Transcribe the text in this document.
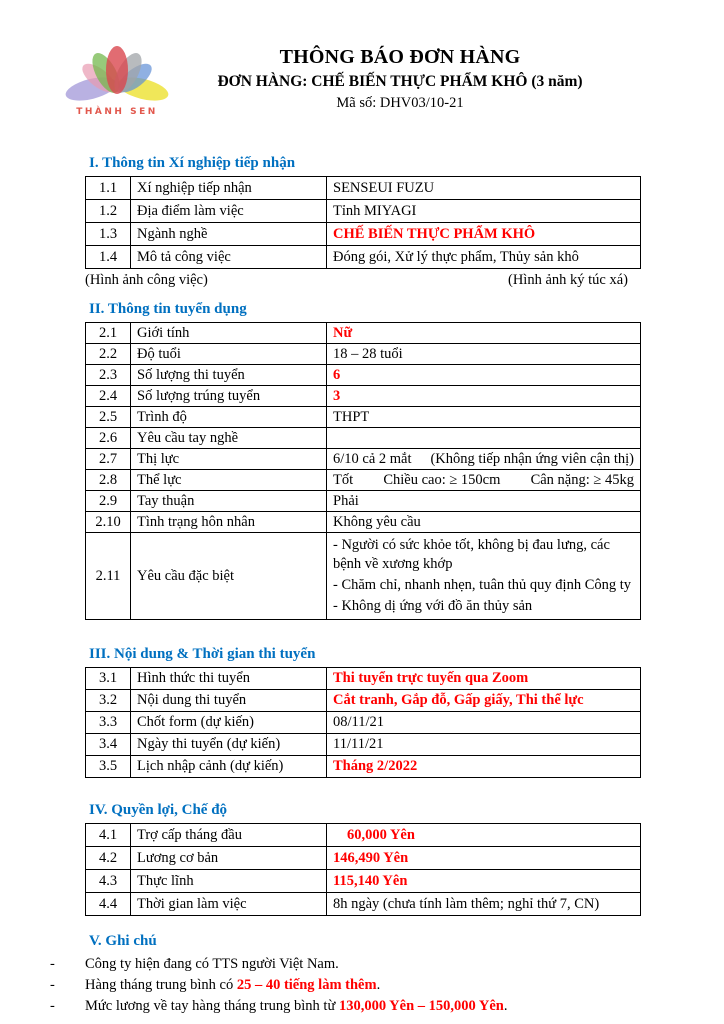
THÀNH SEN
THÔNG BÁO ĐƠN HÀNG
ĐƠN HÀNG: CHẾ BIẾN THỰC PHẨM KHÔ (3 năm)
Mã số: DHV03/10-21
I. Thông tin Xí nghiệp tiếp nhận
1.1	Xí nghiệp tiếp nhận	SENSEUI FUZU

1.2	Địa điểm làm việc	Tỉnh MIYAGI

1.3	Ngành nghề	CHẾ BIẾN THỰC PHẨM KHÔ

1.4	Mô tả công việc	Đóng gói, Xử lý thực phẩm, Thủy sản khô
(Hình ảnh công việc)	(Hình ảnh ký túc xá)
II. Thông tin tuyển dụng
2.1	Giới tính	Nữ

2.2	Độ tuổi	18 – 28 tuổi

2.3	Số lượng thi tuyển	6

2.4	Số lượng trúng tuyển	3

2.5	Trình độ	THPT

2.6	Yêu cầu tay nghề	
2.7	Thị lực	6/10 cả 2 mắt (Không tiếp nhận ứng viên cận thị)

2.8	Thể lực	Tốt Chiều cao: ≥ 150cm Cân nặng: ≥ 45kg

2.9	Tay thuận	Phải

2.10	Tình trạng hôn nhân	Không yêu cầu

2.11	Yêu cầu đặc biệt	- Người có sức khỏe tốt, không bị đau lưng, các bệnh về xương khớp
- Chăm chỉ, nhanh nhẹn, tuân thủ quy định Công ty
- Không dị ứng với đồ ăn thủy sản
III. Nội dung & Thời gian thi tuyển
3.1	Hình thức thi tuyển	Thi tuyển trực tuyến qua Zoom

3.2	Nội dung thi tuyển	Cắt tranh, Gắp đỗ, Gấp giấy, Thi thể lực

3.3	Chốt form (dự kiến)	08/11/21

3.4	Ngày thi tuyển (dự kiến)	11/11/21

3.5	Lịch nhập cảnh (dự kiến)	Tháng 2/2022
IV. Quyền lợi, Chế độ
4.1	Trợ cấp tháng đầu	60,000 Yên

4.2	Lương cơ bản	146,490 Yên

4.3	Thực lĩnh	115,140 Yên

4.4	Thời gian làm việc	8h ngày (chưa tính làm thêm; nghỉ thứ 7, CN)
V. Ghi chú
-	Công ty hiện đang có TTS người Việt Nam.
-	Hàng tháng trung bình có 25 – 40 tiếng làm thêm.
-	Mức lương về tay hàng tháng trung bình từ 130,000 Yên – 150,000 Yên.
